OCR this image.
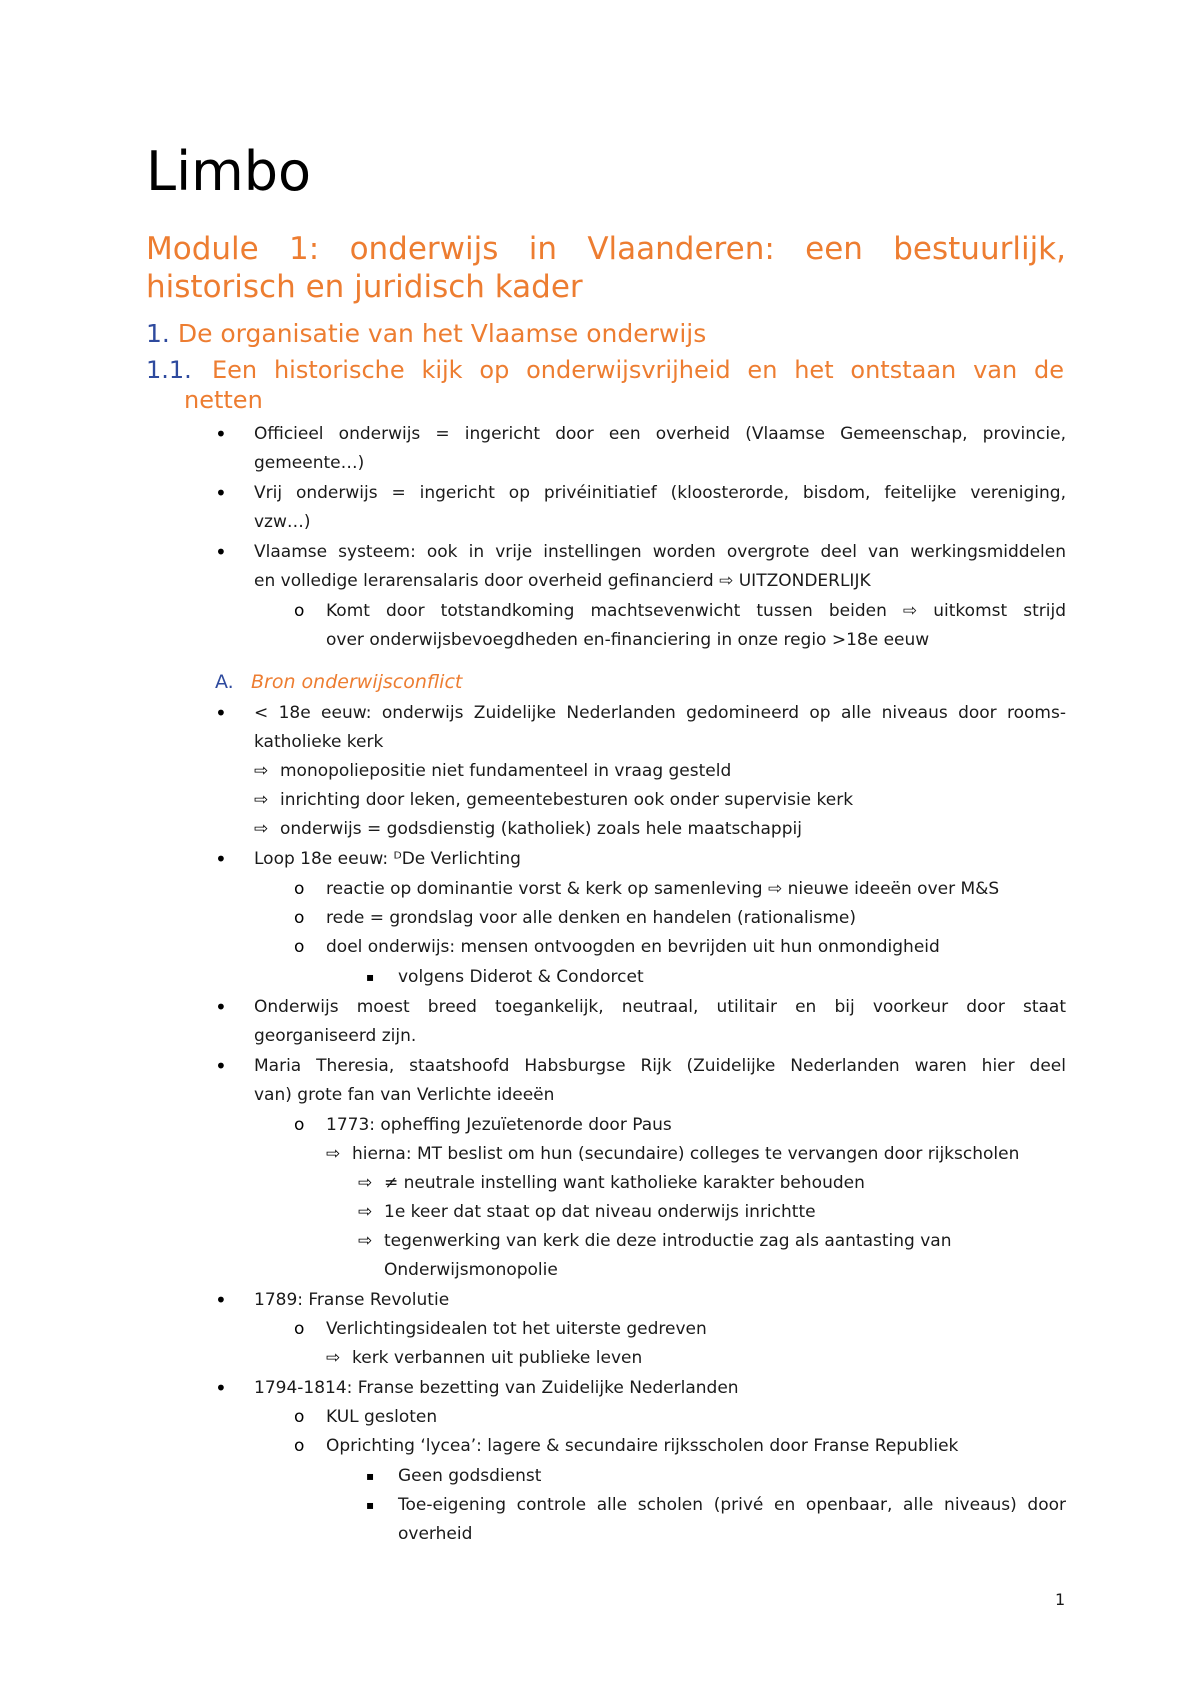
Limbo
Module 1: onderwijs in Vlaanderen: een bestuurlijk,
historisch en juridisch kader
1. De organisatie van het Vlaamse onderwijs
1.1. Een historische kijk op onderwijsvrijheid en het ontstaan van de
netten
• Officieel onderwijs = ingericht door een overheid (Vlaamse Gemeenschap, provincie,
gemeente…)
• Vrij onderwijs = ingericht op privéinitiatief (kloosterorde, bisdom, feitelijke vereniging,
vzw…)
• Vlaamse systeem: ook in vrije instellingen worden overgrote deel van werkingsmiddelen
en volledige lerarensalaris door overheid gefinancierd ⇨ UITZONDERLIJK
o Komt door totstandkoming machtsevenwicht tussen beiden ⇨ uitkomst strijd
over onderwijsbevoegdheden en-financiering in onze regio >18e eeuw
A. Bron onderwijsconflict
• < 18e eeuw: onderwijs Zuidelijke Nederlanden gedomineerd op alle niveaus door rooms-
katholieke kerk
⇨ monopoliepositie niet fundamenteel in vraag gesteld
⇨ inrichting door leken, gemeentebesturen ook onder supervisie kerk
⇨ onderwijs = godsdienstig (katholiek) zoals hele maatschappij
• Loop 18e eeuw: ᴰDe Verlichting
o reactie op dominantie vorst & kerk op samenleving ⇨ nieuwe ideeën over M&S
o rede = grondslag voor alle denken en handelen (rationalisme)
o doel onderwijs: mensen ontvoogden en bevrijden uit hun onmondigheid
▪ volgens Diderot & Condorcet
• Onderwijs moest breed toegankelijk, neutraal, utilitair en bij voorkeur door staat
georganiseerd zijn.
• Maria Theresia, staatshoofd Habsburgse Rijk (Zuidelijke Nederlanden waren hier deel
van) grote fan van Verlichte ideeën
o 1773: opheffing Jezuïetenorde door Paus
⇨ hierna: MT beslist om hun (secundaire) colleges te vervangen door rijkscholen
⇨ ≠ neutrale instelling want katholieke karakter behouden
⇨ 1e keer dat staat op dat niveau onderwijs inrichtte
⇨ tegenwerking van kerk die deze introductie zag als aantasting van
Onderwijsmonopolie
• 1789: Franse Revolutie
o Verlichtingsidealen tot het uiterste gedreven
⇨ kerk verbannen uit publieke leven
• 1794-1814: Franse bezetting van Zuidelijke Nederlanden
o KUL gesloten
o Oprichting ‘lycea’: lagere & secundaire rijksscholen door Franse Republiek
▪ Geen godsdienst
▪ Toe-eigening controle alle scholen (privé en openbaar, alle niveaus) door
overheid
1
